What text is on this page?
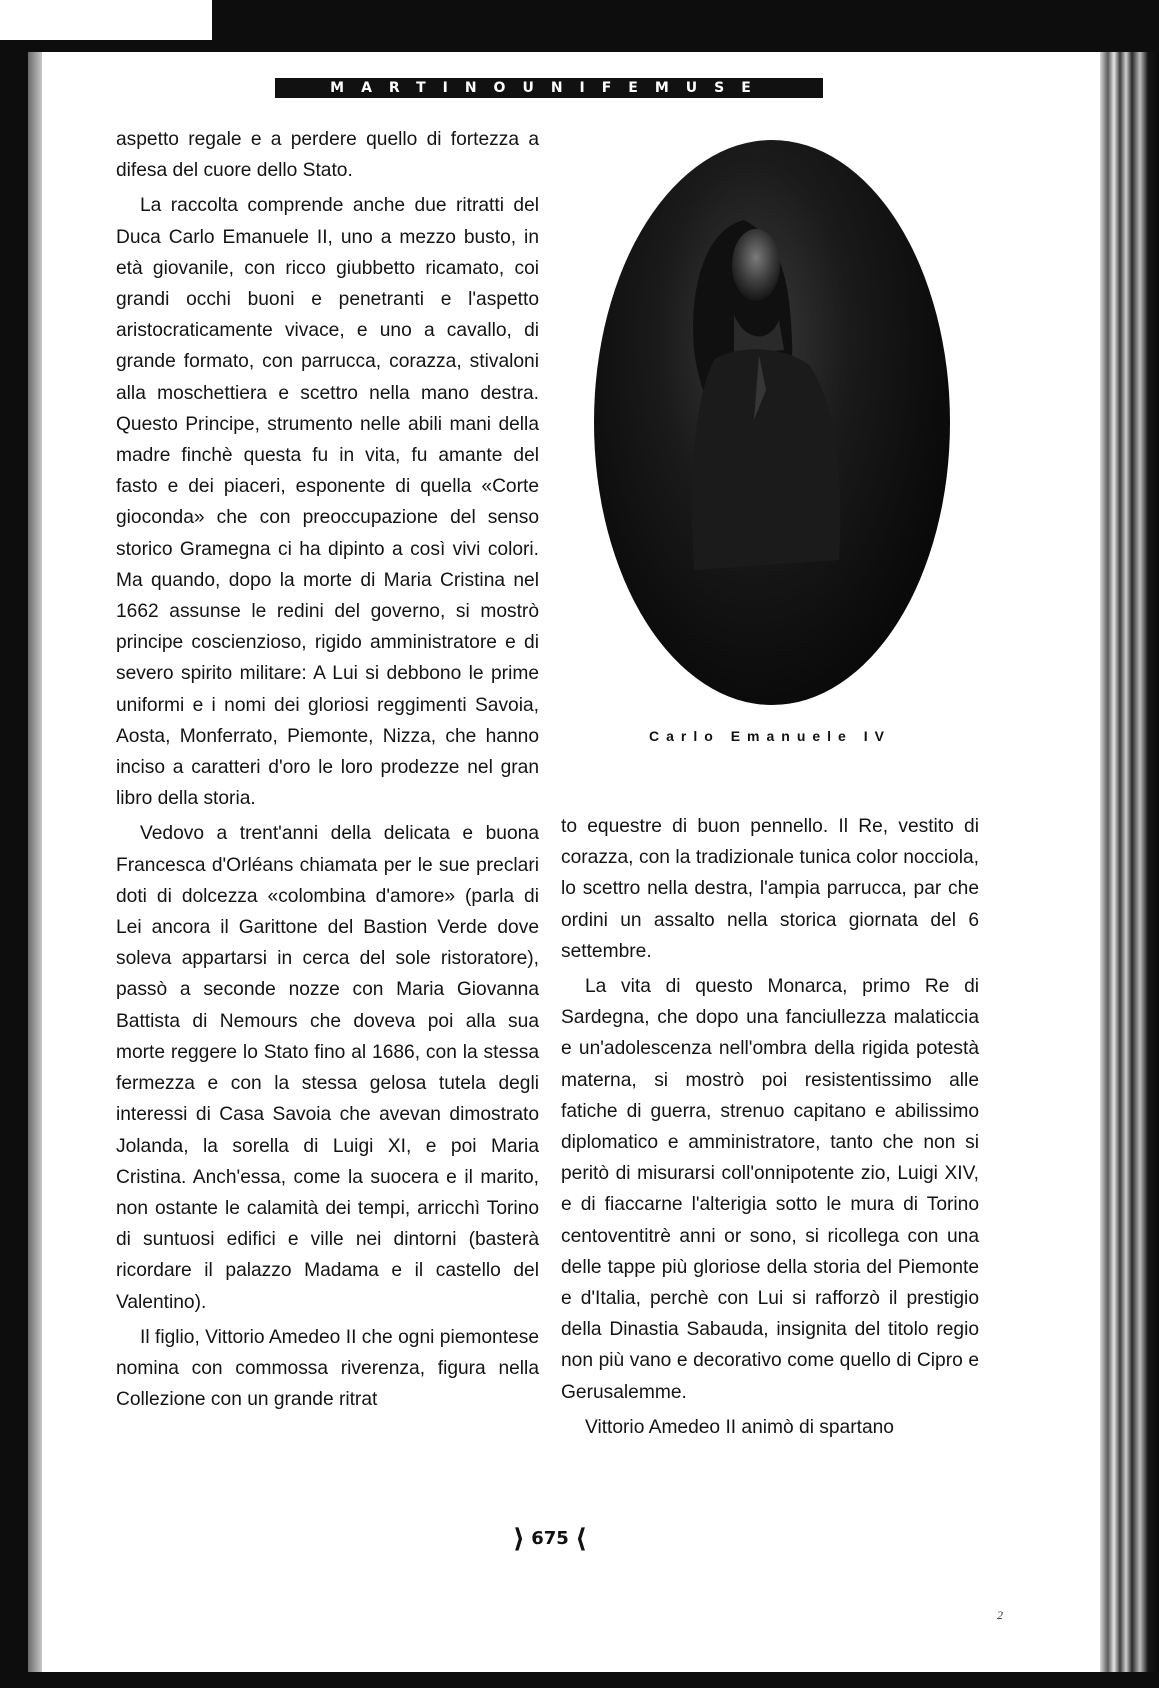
MARTINOUNIFEMUSE

aspetto regale e a perdere quello di fortezza a difesa del cuore dello Stato.

La raccolta comprende anche due ritratti del Duca Carlo Emanuele II, uno a mezzo busto, in età giovanile, con ricco giubbetto ricamato, coi grandi occhi buoni e penetranti e l'aspetto aristocraticamente vivace, e uno a cavallo, di grande formato, con parrucca, corazza, stivaloni alla moschettiera e scettro nella mano destra. Questo Principe, strumento nelle abili mani della madre finchè questa fu in vita, fu amante del fasto e dei piaceri, esponente di quella «Corte gioconda» che con preoccupazione del senso storico Gramegna ci ha dipinto a così vivi colori. Ma quando, dopo la morte di Maria Cristina nel 1662 assunse le redini del governo, si mostrò principe coscienzioso, rigido amministratore e di severo spirito militare: A Lui si debbono le prime uniformi e i nomi dei gloriosi reggimenti Savoia, Aosta, Monferrato, Piemonte, Nizza, che hanno inciso a caratteri d'oro le loro prodezze nel gran libro della storia.

Vedovo a trent'anni della delicata e buona Francesca d'Orléans chiamata per le sue preclari doti di dolcezza «colombina d'amore» (parla di Lei ancora il Garittone del Bastion Verde dove soleva appartarsi in cerca del sole ristoratore), passò a seconde nozze con Maria Giovanna Battista di Nemours che doveva poi alla sua morte reggere lo Stato fino al 1686, con la stessa fermezza e con la stessa gelosa tutela degli interessi di Casa Savoia che avevan dimostrato Jolanda, la sorella di Luigi XI, e poi Maria Cristina. Anch'essa, come la suocera e il marito, non ostante le calamità dei tempi, arricchì Torino di suntuosi edifici e ville nei dintorni (basterà ricordare il palazzo Madama e il castello del Valentino).

Il figlio, Vittorio Amedeo II che ogni piemontese nomina con commossa riverenza, figura nella Collezione con un grande ritrat

Carlo Emanuele IV

to equestre di buon pennello. Il Re, vestito di corazza, con la tradizionale tunica color nocciola, lo scettro nella destra, l'ampia parrucca, par che ordini un assalto nella storica giornata del 6 settembre.

La vita di questo Monarca, primo Re di Sardegna, che dopo una fanciullezza malaticcia e un'adolescenza nell'ombra della rigida potestà materna, si mostrò poi resistentissimo alle fatiche di guerra, strenuo capitano e abilissimo diplomatico e amministratore, tanto che non si peritò di misurarsi coll'onnipotente zio, Luigi XIV, e di fiaccarne l'alterigia sotto le mura di Torino centoventitrè anni or sono, si ricollega con una delle tappe più gloriose della storia del Piemonte e d'Italia, perchè con Lui si rafforzò il prestigio della Dinastia Sabauda, insignita del titolo regio non più vano e decorativo come quello di Cipro e Gerusalemme.

Vittorio Amedeo II animò di spartano

⟩ 675 ⟨
2
